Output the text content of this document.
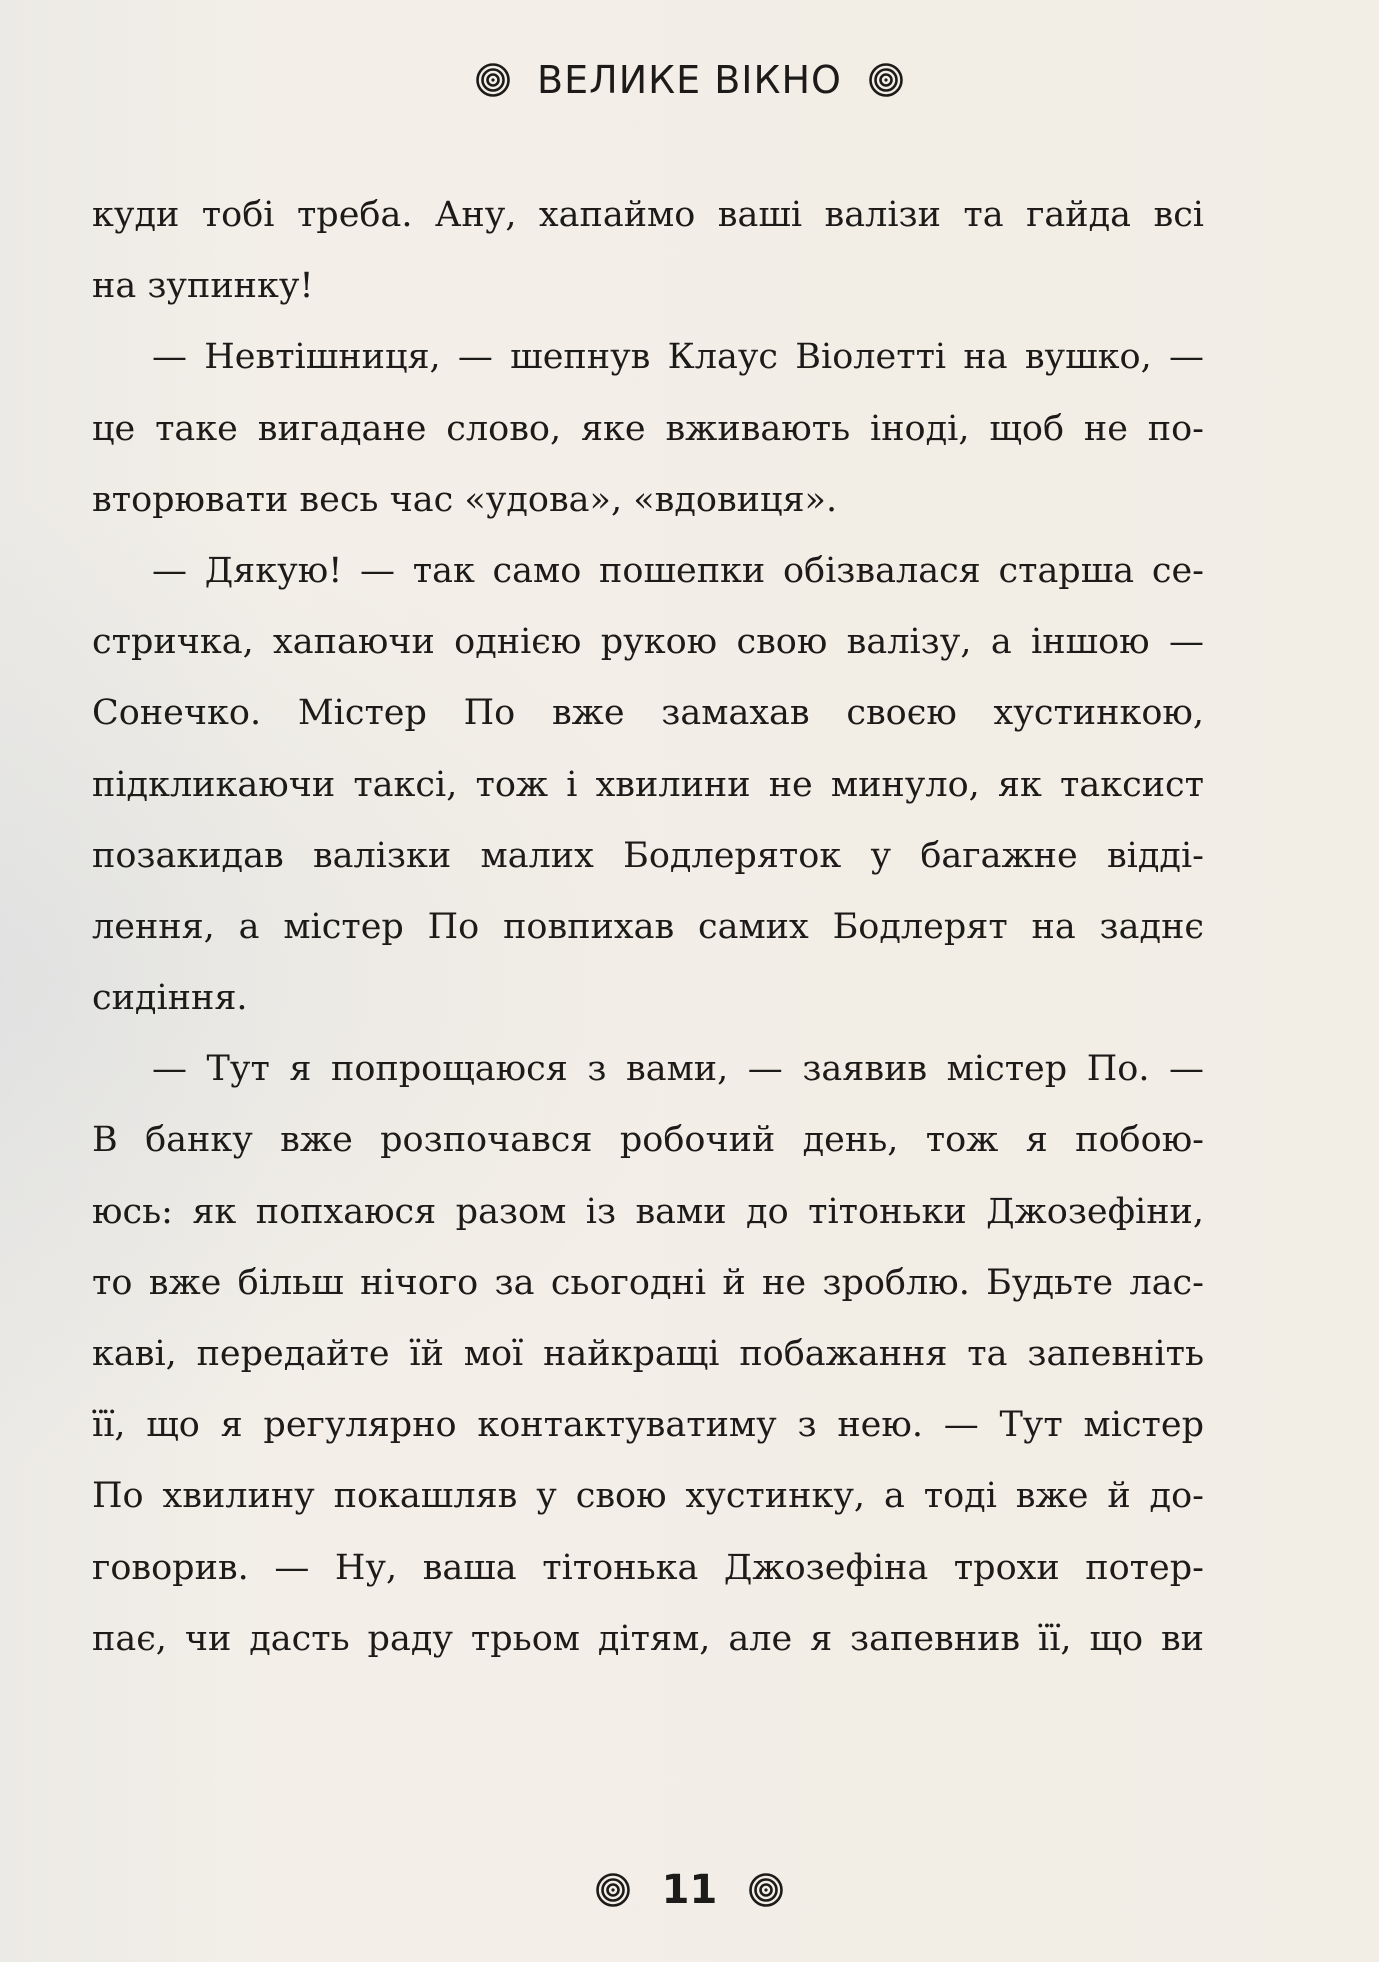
ВЕЛИКЕ ВІКНО
куди тобі треба. Ану, хапаймо ваші валізи та гайда всі
на зупинку!
— Невтішниця, — шепнув Клаус Віолетті на вушко, —
це таке вигадане слово, яке вживають іноді, щоб не по-
вторювати весь час «удова», «вдовиця».
— Дякую! — так само пошепки обізвалася старша се-
стричка, хапаючи однією рукою свою валізу, а іншою —
Сонечко. Містер По вже замахав своєю хустинкою,
підкликаючи таксі, тож і хвилини не минуло, як таксист
позакидав валізки малих Бодлеряток у багажне відді-
лення, а містер По повпихав самих Бодлерят на заднє
сидіння.
— Тут я попрощаюся з вами, — заявив містер По. —
В банку вже розпочався робочий день, тож я побою-
юсь: як попхаюся разом із вами до тітоньки Джозефіни,
то вже більш нічого за сьогодні й не зроблю. Будьте лас-
каві, передайте їй мої найкращі побажання та запевніть
її, що я регулярно контактуватиму з нею. — Тут містер
По хвилину покашляв у свою хустинку, а тоді вже й до-
говорив. — Ну, ваша тітонька Джозефіна трохи потер-
пає, чи дасть раду трьом дітям, але я запевнив її, що ви
11
